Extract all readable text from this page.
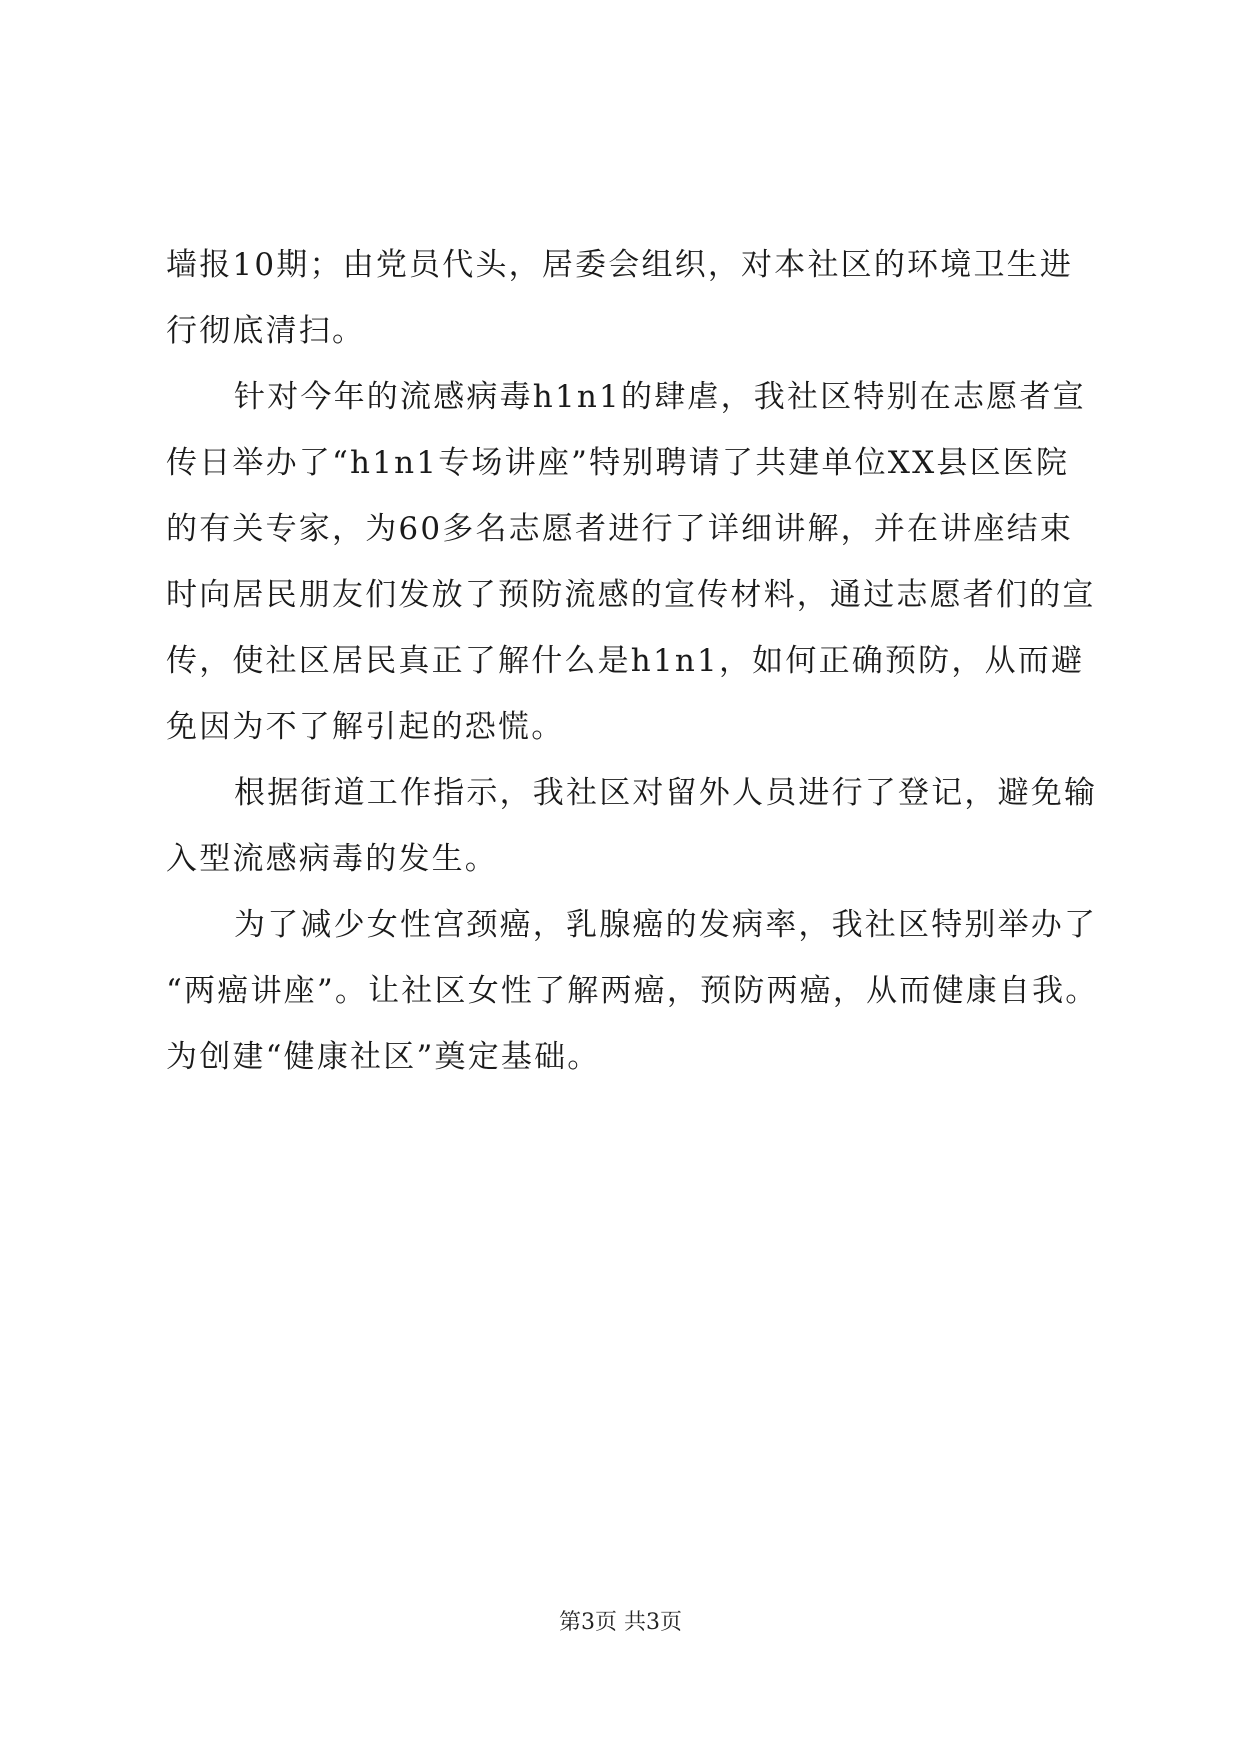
墙报10期；由党员代头，居委会组织，对本社区的环境卫生进
行彻底清扫。
针对今年的流感病毒h1n1的肆虐，我社区特别在志愿者宣
传日举办了“h1n1专场讲座”特别聘请了共建单位XX县区医院
的有关专家，为60多名志愿者进行了详细讲解，并在讲座结束
时向居民朋友们发放了预防流感的宣传材料，通过志愿者们的宣
传，使社区居民真正了解什么是h1n1，如何正确预防，从而避
免因为不了解引起的恐慌。
根据街道工作指示，我社区对留外人员进行了登记，避免输
入型流感病毒的发生。
为了减少女性宫颈癌，乳腺癌的发病率，我社区特别举办了
“两癌讲座”。让社区女性了解两癌，预防两癌，从而健康自我。
为创建“健康社区”奠定基础。
第3页 共3页
